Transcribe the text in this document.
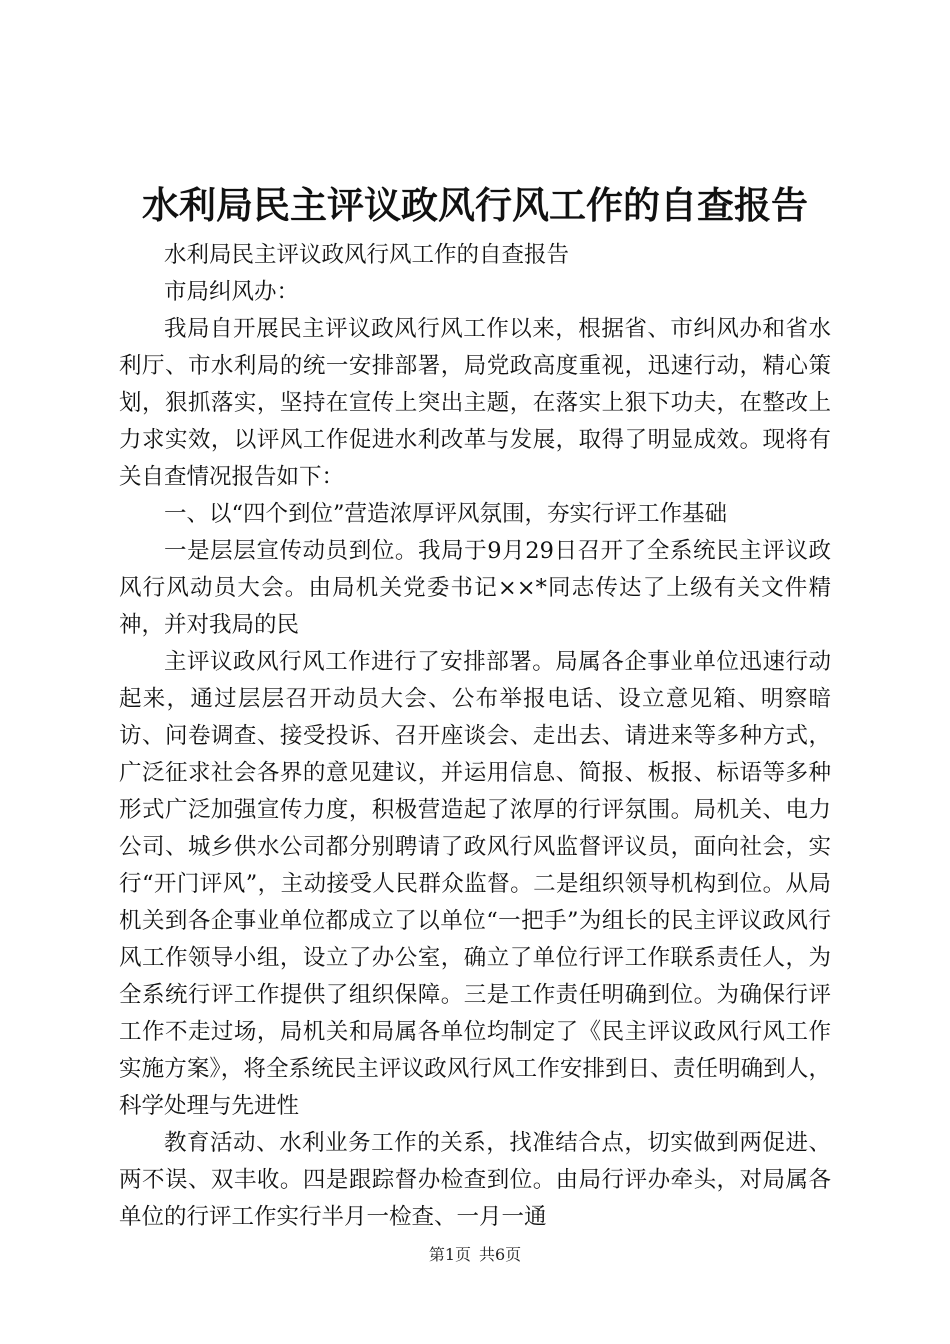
水利局民主评议政风行风工作的自查报告

水利局民主评议政风行风工作的自查报告

市局纠风办：

我局自开展民主评议政风行风工作以来，根据省、市纠风办和省水利厅、市水利局的统一安排部署，局党政高度重视，迅速行动，精心策划，狠抓落实，坚持在宣传上突出主题，在落实上狠下功夫，在整改上力求实效，以评风工作促进水利改革与发展，取得了明显成效。现将有关自查情况报告如下：

一、以“四个到位”营造浓厚评风氛围，夯实行评工作基础

一是层层宣传动员到位。我局于9月29日召开了全系统民主评议政风行风动员大会。由局机关党委书记××*同志传达了上级有关文件精神，并对我局的民

主评议政风行风工作进行了安排部署。局属各企事业单位迅速行动起来，通过层层召开动员大会、公布举报电话、设立意见箱、明察暗访、问卷调查、接受投诉、召开座谈会、走出去、请进来等多种方式，广泛征求社会各界的意见建议，并运用信息、简报、板报、标语等多种形式广泛加强宣传力度，积极营造起了浓厚的行评氛围。局机关、电力公司、城乡供水公司都分别聘请了政风行风监督评议员，面向社会，实行“开门评风”，主动接受人民群众监督。二是组织领导机构到位。从局机关到各企事业单位都成立了以单位“一把手”为组长的民主评议政风行风工作领导小组，设立了办公室，确立了单位行评工作联系责任人，为全系统行评工作提供了组织保障。三是工作责任明确到位。为确保行评工作不走过场，局机关和局属各单位均制定了《民主评议政风行风工作实施方案》，将全系统民主评议政风行风工作安排到日、责任明确到人，科学处理与先进性

教育活动、水利业务工作的关系，找准结合点，切实做到两促进、两不误、双丰收。四是跟踪督办检查到位。由局行评办牵头，对局属各单位的行评工作实行半月一检查、一月一通

第1页 共6页
